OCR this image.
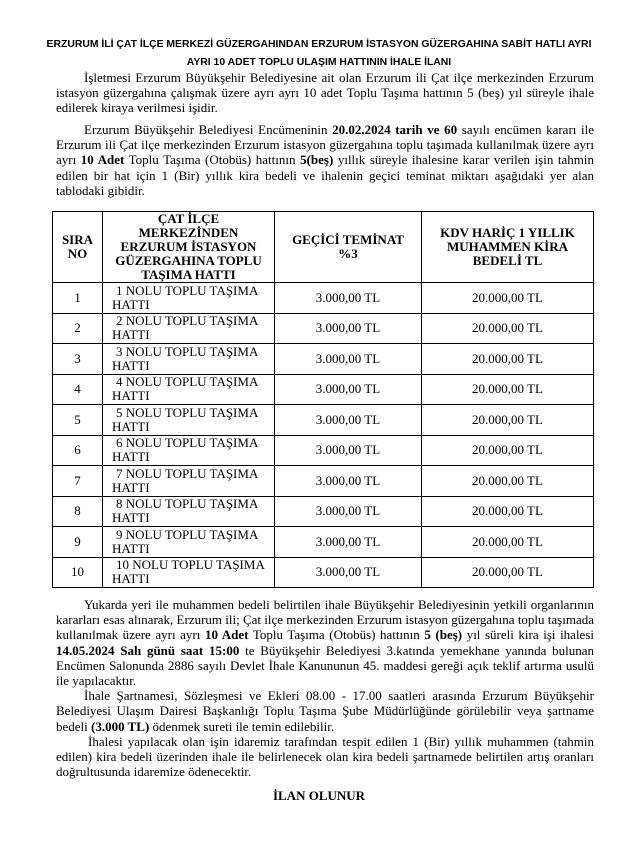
ERZURUM İLİ ÇAT İLÇE MERKEZİ GÜZERGAHINDAN ERZURUM İSTASYON GÜZERGAHINA SABİT HATLI AYRI
AYRI 10 ADET TOPLU ULAŞIM HATTININ İHALE İLANI

İşletmesi Erzurum Büyükşehir Belediyesine ait olan Erzurum ili Çat ilçe merkezinden Erzurum istasyon güzergahına çalışmak üzere ayrı ayrı 10 adet Toplu Taşıma hattının 5 (beş) yıl süreyle ihale edilerek kiraya verilmesi işidir.

Erzurum Büyükşehir Belediyesi Encümeninin 20.02.2024 tarih ve 60 sayılı encümen kararı ile Erzurum ili Çat ilçe merkezinden Erzurum istasyon güzergahına toplu taşımada kullanılmak üzere ayrı ayrı 10 Adet Toplu Taşıma (Otobüs) hattının 5(beş) yıllık süreyle ihalesine karar verilen işin tahmin edilen bir hat için 1 (Bir) yıllık kira bedeli ve ihalenin geçici teminat miktarı aşağıdaki yer alan tablodaki gibidir.

SIRA NO	ÇAT İLÇE MERKEZİNDEN ERZURUM İSTASYON GÜZERGAHINA TOPLU TAŞIMA HATTI	GEÇİCİ TEMİNAT %3	KDV HARİÇ 1 YILLIK MUHAMMEN KİRA BEDELİ TL
1	1 NOLU TOPLU TAŞIMA
HATTI	3.000,00 TL	20.000,00 TL
2	2 NOLU TOPLU TAŞIMA
HATTI	3.000,00 TL	20.000,00 TL
3	3 NOLU TOPLU TAŞIMA
HATTI	3.000,00 TL	20.000,00 TL
4	4 NOLU TOPLU TAŞIMA
HATTI	3.000,00 TL	20.000,00 TL
5	5 NOLU TOPLU TAŞIMA
HATTI	3.000,00 TL	20.000,00 TL
6	6 NOLU TOPLU TAŞIMA
HATTI	3.000,00 TL	20.000,00 TL
7	7 NOLU TOPLU TAŞIMA
HATTI	3.000,00 TL	20.000,00 TL
8	8 NOLU TOPLU TAŞIMA
HATTI	3.000,00 TL	20.000,00 TL
9	9 NOLU TOPLU TAŞIMA
HATTI	3.000,00 TL	20.000,00 TL
10	10 NOLU TOPLU TAŞIMA
HATTI	3.000,00 TL	20.000,00 TL

Yukarda yeri ile muhammen bedeli belirtilen ihale Büyükşehir Belediyesinin yetkili organlarının kararları esas alınarak, Erzurum ili; Çat ilçe merkezinden Erzurum istasyon güzergahına toplu taşımada kullanılmak üzere ayrı ayrı 10 Adet Toplu Taşıma (Otobüs) hattının 5 (beş) yıl süreli kira işi ihalesi 14.05.2024 Salı günü saat 15:00 te Büyükşehir Belediyesi 3.katında yemekhane yanında bulunan Encümen Salonunda 2886 sayılı Devlet İhale Kanununun 45. maddesi gereği açık teklif artırma usulü ile yapılacaktır.

İhale Şartnamesi, Sözleşmesi ve Ekleri 08.00 - 17.00 saatleri arasında Erzurum Büyükşehir Belediyesi Ulaşım Dairesi Başkanlığı Toplu Taşıma Şube Müdürlüğünde görülebilir veya şartname bedeli (3.000 TL) ödenmek sureti ile temin edilebilir.

İhalesi yapılacak olan işin idaremiz tarafından tespit edilen 1 (Bir) yıllık muhammen (tahmin edilen) kira bedeli üzerinden ihale ile belirlenecek olan kira bedeli şartnamede belirtilen artış oranları doğrultusunda idaremize ödenecektir.

İLAN OLUNUR
